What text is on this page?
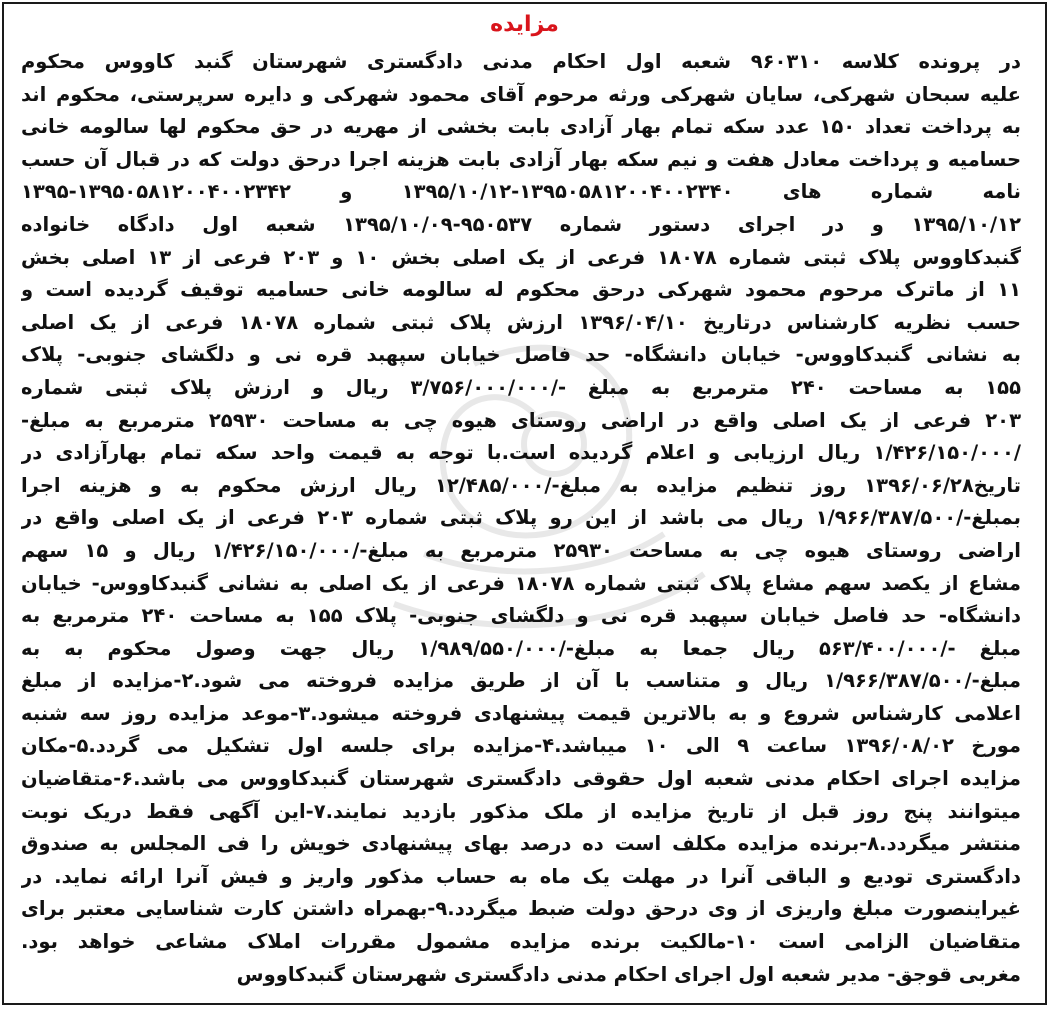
مزایده
در پرونده کلاسه ۹۶۰۳۱۰ شعبه اول احکام مدنی دادگستری شهرستان گنبد کاووس محکوم
علیه سبحان شهرکی، سایان شهرکی ورثه مرحوم آقای محمود شهرکی و دایره سرپرستی، محکوم اند
به پرداخت تعداد ۱۵۰ عدد سکه تمام بهار آزادی بابت بخشی از مهریه در حق محکوم لها سالومه خانی
حسامیه و پرداخت معادل هفت و نیم سکه بهار آزادی بابت هزینه اجرا درحق دولت که در قبال آن حسب
نامه شماره های ۱۳۹۵۰۵۸۱۲۰۰۴۰۰۲۳۴۰-۱۳۹۵/۱۰/۱۲ و ۱۳۹۵۰۵۸۱۲۰۰۴۰۰۲۳۴۲-۱۳۹۵
۱۳۹۵/۱۰/۱۲ و در اجرای دستور شماره ۹۵۰۵۳۷-۱۳۹۵/۱۰/۰۹ شعبه اول دادگاه خانواده
گنبدکاووس پلاک ثبتی شماره ۱۸۰۷۸ فرعی از یک اصلی بخش ۱۰ و ۲۰۳ فرعی از ۱۳ اصلی بخش
۱۱ از ماترک مرحوم محمود شهرکی درحق محکوم له سالومه خانی حسامیه توقیف گردیده است و
حسب نظریه کارشناس درتاریخ ۱۳۹۶/۰۴/۱۰ ارزش پلاک ثبتی شماره ۱۸۰۷۸ فرعی از یک اصلی
به نشانی گنبدکاووس- خیابان دانشگاه- حد فاصل خیابان سپهبد قره نی و دلگشای جنوبی- پلاک
۱۵۵ به مساحت ۲۴۰ مترمربع به مبلغ -/۳/۷۵۶/۰۰۰/۰۰۰ ریال و ارزش پلاک ثبتی شماره
۲۰۳ فرعی از یک اصلی واقع در اراضی روستای هیوه چی به مساحت ۲۵۹۳۰ مترمربع به مبلغ-
/۱/۴۲۶/۱۵۰/۰۰۰ ریال ارزیابی و اعلام گردیده است.با توجه به قیمت واحد سکه تمام بهارآزادی در
تاریخ۱۳۹۶/۰۶/۲۸ روز تنظیم مزایده به مبلغ-/۱۲/۴۸۵/۰۰۰ ریال ارزش محکوم به و هزینه اجرا
بمبلغ-/۱/۹۶۶/۳۸۷/۵۰۰ ریال می باشد از این رو پلاک ثبتی شماره ۲۰۳ فرعی از یک اصلی واقع در
اراضی روستای هیوه چی به مساحت ۲۵۹۳۰ مترمربع به مبلغ-/۱/۴۲۶/۱۵۰/۰۰۰ ریال و ۱۵ سهم
مشاع از یکصد سهم مشاع پلاک ثبتی شماره ۱۸۰۷۸ فرعی از یک اصلی به نشانی گنبدکاووس- خیابان
دانشگاه- حد فاصل خیابان سپهبد قره نی و دلگشای جنوبی- پلاک ۱۵۵ به مساحت ۲۴۰ مترمربع به
مبلغ -/۵۶۳/۴۰۰/۰۰۰ ریال جمعا به مبلغ-/۱/۹۸۹/۵۵۰/۰۰۰ ریال جهت وصول محکوم به به
مبلغ-/۱/۹۶۶/۳۸۷/۵۰۰ ریال و متناسب با آن از طریق مزایده فروخته می شود.۲-مزایده از مبلغ
اعلامی کارشناس شروع و به بالاترین قیمت پیشنهادی فروخته میشود.۳-موعد مزایده روز سه شنبه
مورخ ۱۳۹۶/۰۸/۰۲ ساعت ۹ الی ۱۰ میباشد.۴-مزایده برای جلسه اول تشکیل می گردد.۵-مکان
مزایده اجرای احکام مدنی شعبه اول حقوقی دادگستری شهرستان گنبدکاووس می باشد.۶-متقاضیان
میتوانند پنج روز قبل از تاریخ مزایده از ملک مذکور بازدید نمایند.۷-این آگهی فقط دریک نوبت
منتشر میگردد.۸-برنده مزایده مکلف است ده درصد بهای پیشنهادی خویش را فی المجلس به صندوق
دادگستری تودیع و الباقی آنرا در مهلت یک ماه به حساب مذکور واریز و فیش آنرا ارائه نماید. در
غیراینصورت مبلغ واریزی از وی درحق دولت ضبط میگردد.۹-بهمراه داشتن کارت شناسایی معتبر برای
متقاضیان الزامی است ۱۰-مالکیت برنده مزایده مشمول مقررات املاک مشاعی خواهد بود.
مغربی قوجق- مدیر شعبه اول اجرای احکام مدنی دادگستری شهرستان گنبدکاووس
